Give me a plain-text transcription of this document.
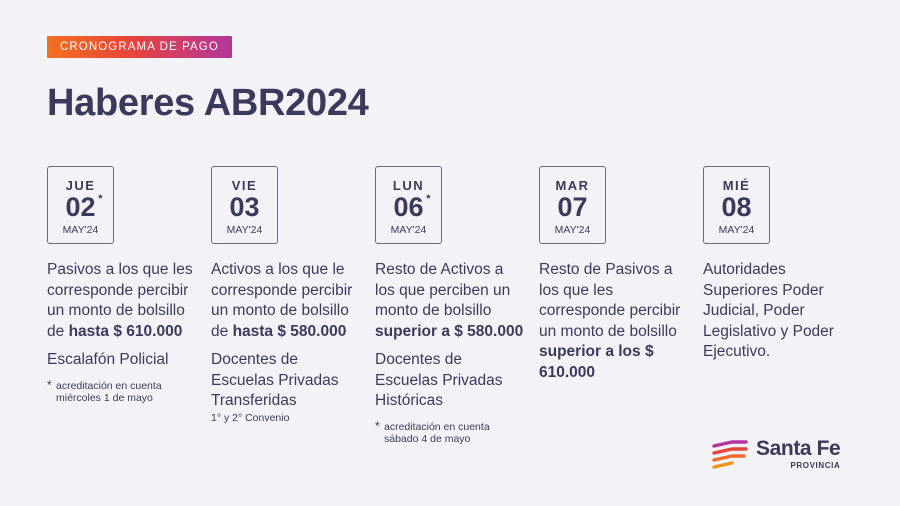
CRONOGRAMA DE PAGO
Haberes ABR2024
JUE
02 *
MAY'24
Pasivos a los que les corresponde percibir un monto de bolsillo de hasta $ 610.000
Escalafón Policial
* acreditación en cuenta miércoles 1 de mayo
VIE
03
MAY'24
Activos a los que le corresponde percibir un monto de bolsillo de hasta $ 580.000
Docentes de Escuelas Privadas Transferidas
1° y 2° Convenio
LUN
06 *
MAY'24
Resto de Activos a los que perciben un monto de bolsillo superior a $ 580.000
Docentes de Escuelas Privadas Históricas
* acreditación en cuenta sábado 4 de mayo
MAR
07
MAY'24
Resto de Pasivos a los que les corresponde percibir un monto de bolsillo superior a los $ 610.000
MIÉ
08
MAY'24
Autoridades Superiores Poder Judicial, Poder Legislativo y Poder Ejecutivo.
Santa Fe
PROVINCIA
